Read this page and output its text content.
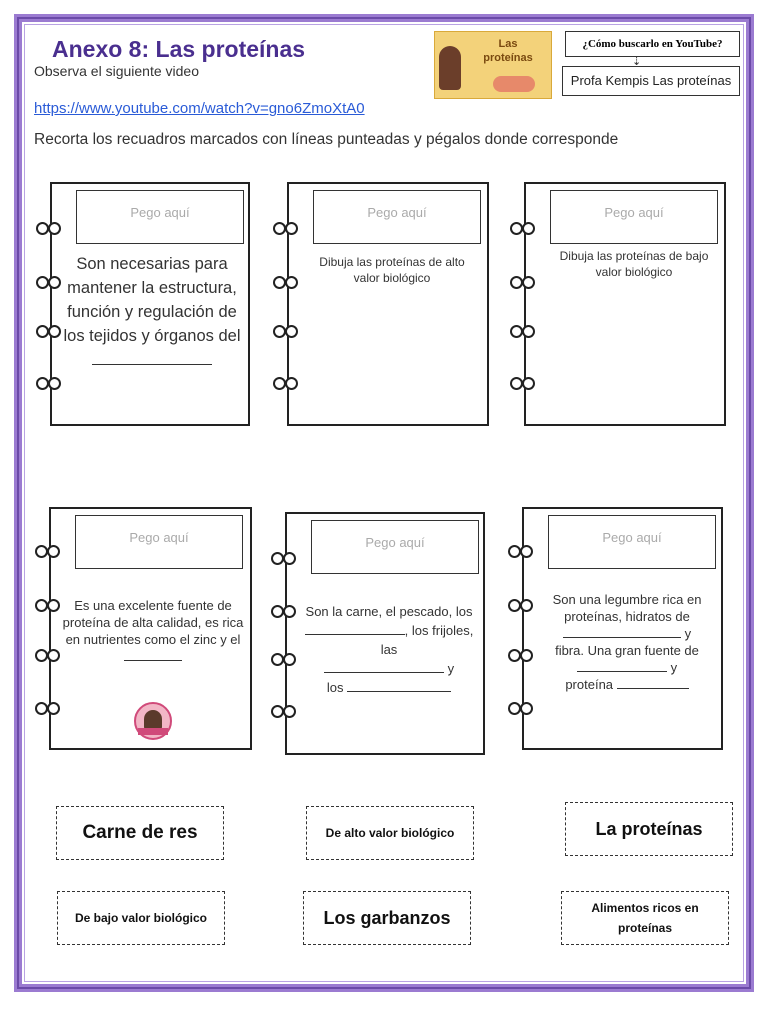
Anexo 8: Las proteínas
Observa el siguiente video
https://www.youtube.com/watch?v=gno6ZmoXtA0
Recorta los recuadros marcados con líneas punteadas y pégalos donde corresponde
Las proteínas
¿Cómo buscarlo en YouTube?
⇣
Profa Kempis Las proteínas
Pego aquí
Son necesarias para mantener la estructura, función y regulación de los tejidos y órganos del

Pego aquí
Dibuja las proteínas de alto valor biológico
Pego aquí
Dibuja las proteínas de bajo valor biológico
Pego aquí
Es una excelente fuente de proteína de alta calidad, es rica en nutrientes como el zinc y el
Pego aquí
Son la carne, el pescado, los
, los frijoles, las
y
los
Pego aquí
Son una legumbre rica en proteínas, hidratos de
y
fibra. Una gran fuente de  y
proteína
Carne de res	De alto valor biológico	La proteínas
De bajo valor biológico	Los garbanzos	Alimentos ricos en proteínas
